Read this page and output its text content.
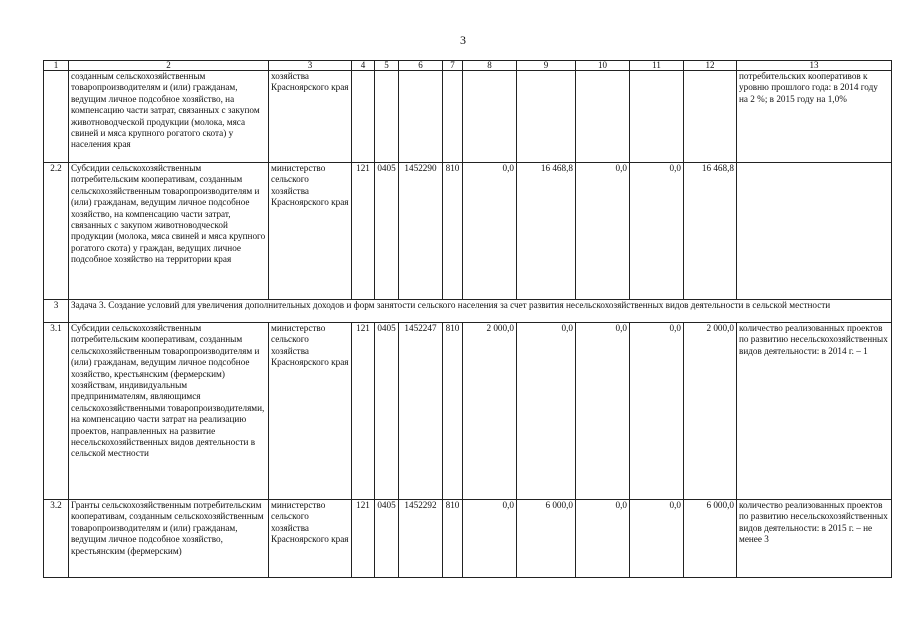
3
1	2	3	4	5	6	7	8	9	10	11	12	13
	созданным сельскохозяйственным товаропроизводителям и (или) гражданам, ведущим личное подсобное хозяйство, на компенсацию части затрат, связанных с закупом животноводческой продукции (молока, мяса свиней и мяса крупного рогатого скота) у населения края	хозяйства Красноярского края										потребительских кооперативов к уровню прошлого года: в 2014 году на 2 %; в 2015 году на 1,0%
2.2	Субсидии сельскохозяйственным потребительским кооперативам, созданным сельскохозяйственным товаропроизводителям и (или) гражданам, ведущим личное подсобное хозяйство, на компенсацию части затрат, связанных с закупом животноводческой продукции (молока, мяса свиней и мяса крупного рогатого скота) у граждан, ведущих личное подсобное хозяйство на территории края	министерство сельского хозяйства Красноярского края	121	0405	1452290	810	0,0	16 468,8	0,0	0,0	16 468,8	
3	Задача 3. Создание условий для увеличения дополнительных доходов и форм занятости сельского населения за счет развития несельскохозяйственных видов деятельности в сельской местности											
3.1	Субсидии сельскохозяйственным потребительским кооперативам, созданным сельскохозяйственным товаропроизводителям и (или) гражданам, ведущим личное подсобное хозяйство, крестьянским (фермерским) хозяйствам, индивидуальным предпринимателям, являющимся сельскохозяйственными товаропроизводителями, на компенсацию части затрат на реализацию проектов, направленных на развитие несельскохозяйственных видов деятельности в сельской местности	министерство сельского хозяйства Красноярского края	121	0405	1452247	810	2 000,0	0,0	0,0	0,0	2 000,0	количество реализованных проектов по развитию несельскохозяйственных видов деятельности: в 2014 г. – 1
3.2	Гранты сельскохозяйственным потребительским кооперативам, созданным сельскохозяйственным товаропроизводителям и (или) гражданам, ведущим личное подсобное хозяйство, крестьянским (фермерским)	министерство сельского хозяйства Красноярского края	121	0405	1452292	810	0,0	6 000,0	0,0	0,0	6 000,0	количество реализованных проектов по развитию несельскохозяйственных видов деятельности: в 2015 г. – не менее 3
